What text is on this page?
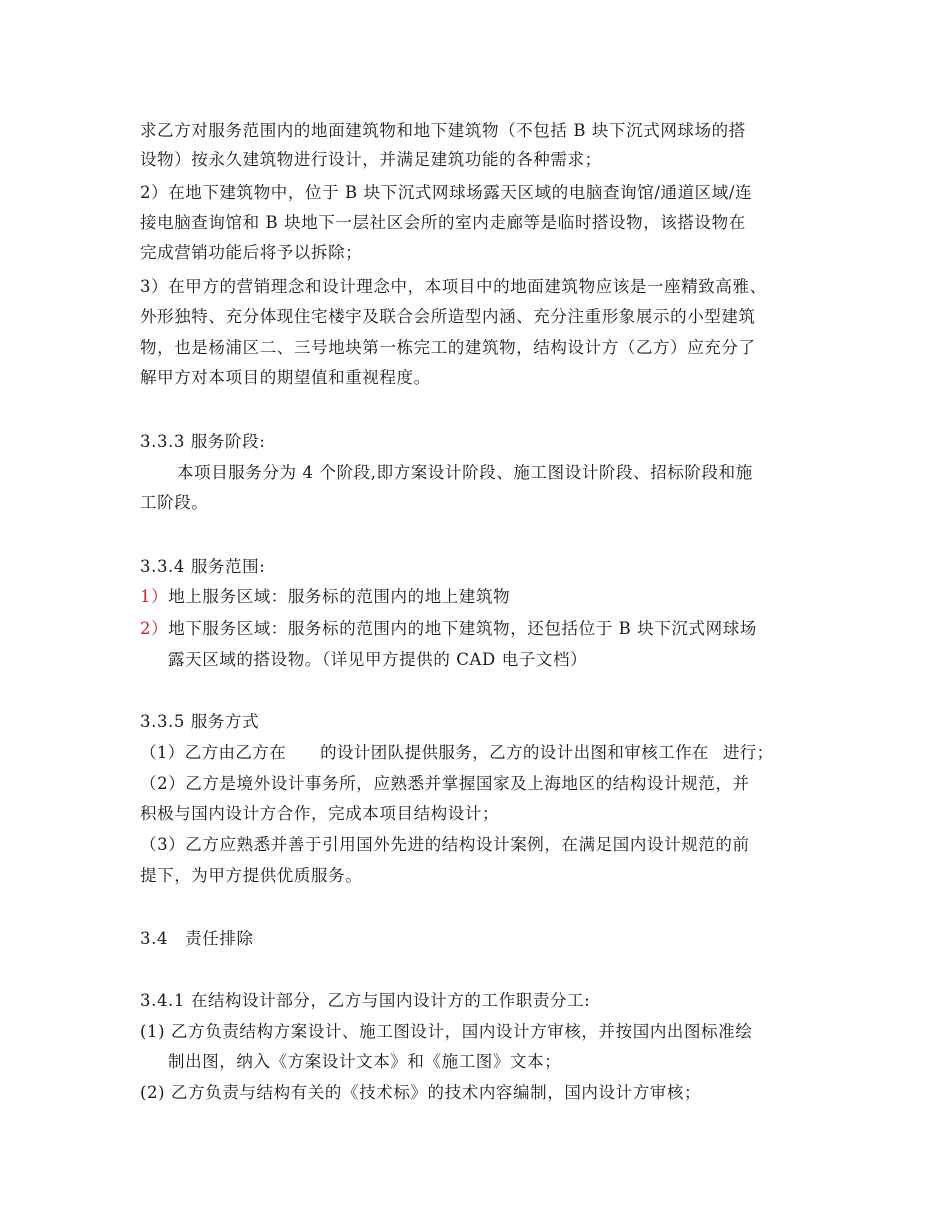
求乙方对服务范围内的地面建筑物和地下建筑物（不包括 B 块下沉式网球场的搭
设物）按永久建筑物进行设计，并满足建筑功能的各种需求；
2）在地下建筑物中，位于 B 块下沉式网球场露天区域的电脑查询馆/通道区域/连
接电脑查询馆和 B 块地下一层社区会所的室内走廊等是临时搭设物，该搭设物在
完成营销功能后将予以拆除；
3）在甲方的营销理念和设计理念中，本项目中的地面建筑物应该是一座精致高雅、
外形独特、充分体现住宅楼宇及联合会所造型内涵、充分注重形象展示的小型建筑
物，也是杨浦区二、三号地块第一栋完工的建筑物，结构设计方（乙方）应充分了
解甲方对本项目的期望值和重视程度。
3.3.3 服务阶段:
本项目服务分为 4 个阶段,即方案设计阶段、施工图设计阶段、招标阶段和施
工阶段。
3.3.4 服务范围:
1）地上服务区域：服务标的范围内的地上建筑物
2）地下服务区域：服务标的范围内的地下建筑物，还包括位于 B 块下沉式网球场
露天区域的搭设物。（详见甲方提供的 CAD 电子文档）
3.3.5 服务方式
（1）乙方由乙方在 的设计团队提供服务，乙方的设计出图和审核工作在 进行；
（2）乙方是境外设计事务所，应熟悉并掌握国家及上海地区的结构设计规范，并
积极与国内设计方合作，完成本项目结构设计；
（3）乙方应熟悉并善于引用国外先进的结构设计案例，在满足国内设计规范的前
提下，为甲方提供优质服务。
3.4　责任排除
3.4.1 在结构设计部分，乙方与国内设计方的工作职责分工:
(1) 乙方负责结构方案设计、施工图设计，国内设计方审核，并按国内出图标准绘
制出图，纳入《方案设计文本》和《施工图》文本；
(2) 乙方负责与结构有关的《技术标》的技术内容编制，国内设计方审核；
